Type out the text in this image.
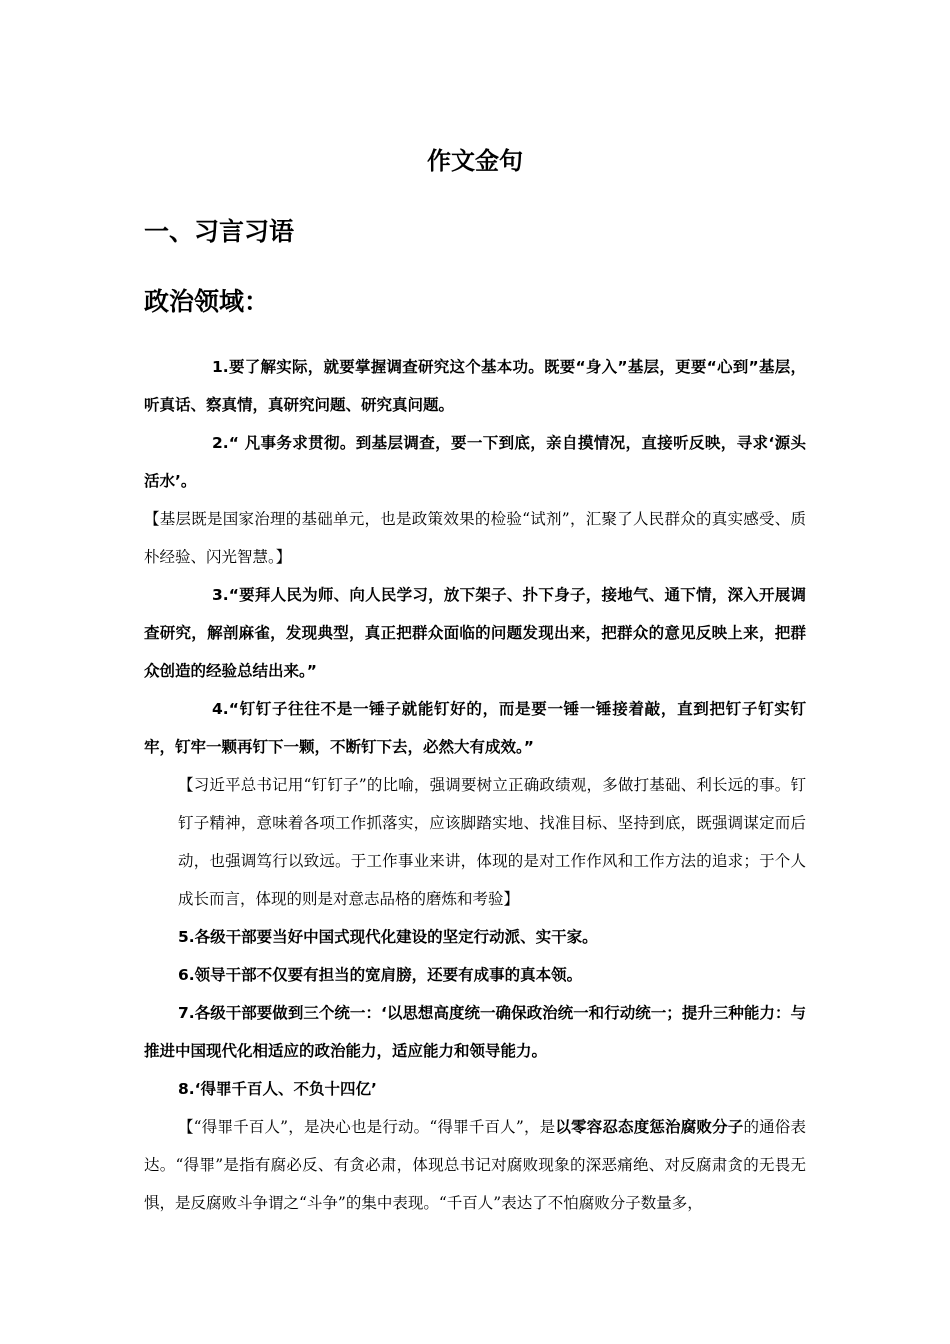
作文金句
一、习言习语
政治领域：

1.要了解实际，就要掌握调查研究这个基本功。既要“身入”基层，更要“心到”基层，听真话、察真情，真研究问题、研究真问题。

2.“ 凡事务求贯彻。到基层调查，要一下到底，亲自摸情况，直接听反映，寻求‘源头活水’。

【基层既是国家治理的基础单元，也是政策效果的检验“试剂”，汇聚了人民群众的真实感受、质朴经验、闪光智慧。】

3.“要拜人民为师、向人民学习，放下架子、扑下身子，接地气、通下情，深入开展调查研究，解剖麻雀，发现典型，真正把群众面临的问题发现出来，把群众的意见反映上来，把群众创造的经验总结出来。”

4.“钉钉子往往不是一锤子就能钉好的，而是要一锤一锤接着敲，直到把钉子钉实钉牢，钉牢一颗再钉下一颗，不断钉下去，必然大有成效。”

【习近平总书记用“钉钉子”的比喻，强调要树立正确政绩观，多做打基础、利长远的事。钉钉子精神，意味着各项工作抓落实，应该脚踏实地、找准目标、坚持到底，既强调谋定而后动，也强调笃行以致远。于工作事业来讲，体现的是对工作作风和工作方法的追求；于个人成长而言，体现的则是对意志品格的磨炼和考验】

5.各级干部要当好中国式现代化建设的坚定行动派、实干家。

6.领导干部不仅要有担当的宽肩膀，还要有成事的真本领。

7.各级干部要做到三个统一：‘以思想高度统一确保政治统一和行动统一；提升三种能力：与推进中国现代化相适应的政治能力，适应能力和领导能力。

8.‘得罪千百人、不负十四亿’

【“得罪千百人”，是决心也是行动。“得罪千百人”，是以零容忍态度惩治腐败分子的通俗表达。“得罪”是指有腐必反、有贪必肃，体现总书记对腐败现象的深恶痛绝、对反腐肃贪的无畏无惧，是反腐败斗争谓之“斗争”的集中表现。“千百人”表达了不怕腐败分子数量多，
